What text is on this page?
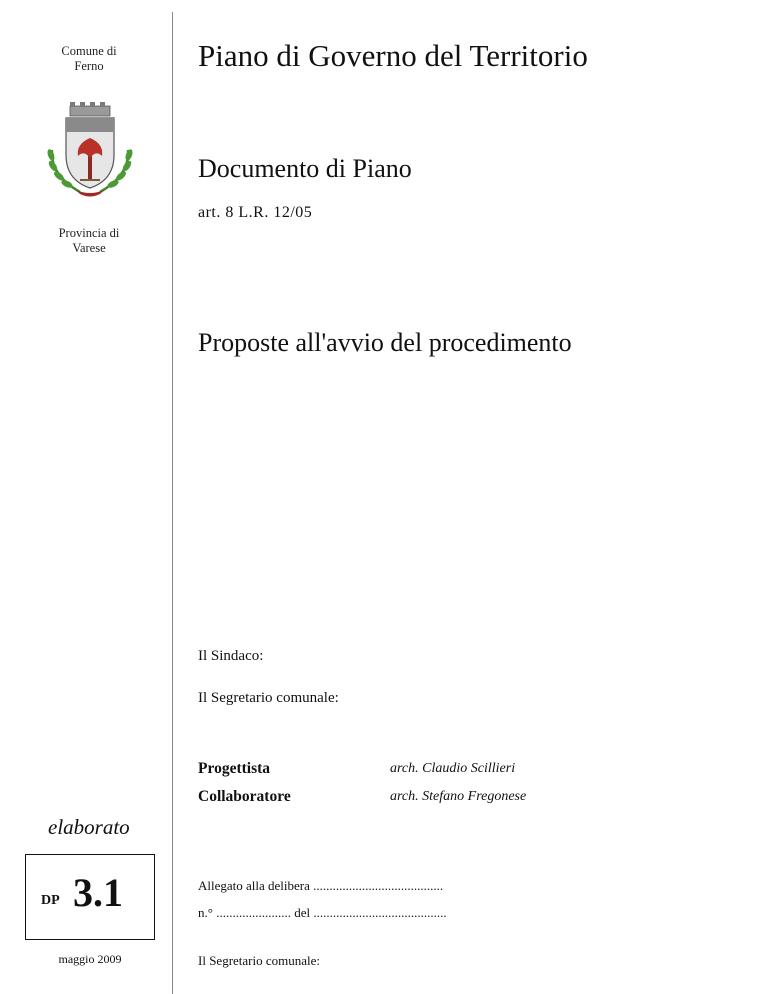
Comune di
Ferno
Provincia di
Varese
Piano di Governo del Territorio
Documento di Piano
art. 8 L.R. 12/05
Proposte all'avvio del procedimento
Il Sindaco:
Il Segretario comunale:
Progettista	arch. Claudio Scillieri
Collaboratore	arch. Stefano Fregonese
elaborato
DP 3.1
maggio 2009
Allegato alla delibera ........................................
n.° ....................... del .........................................
Il Segretario comunale:
